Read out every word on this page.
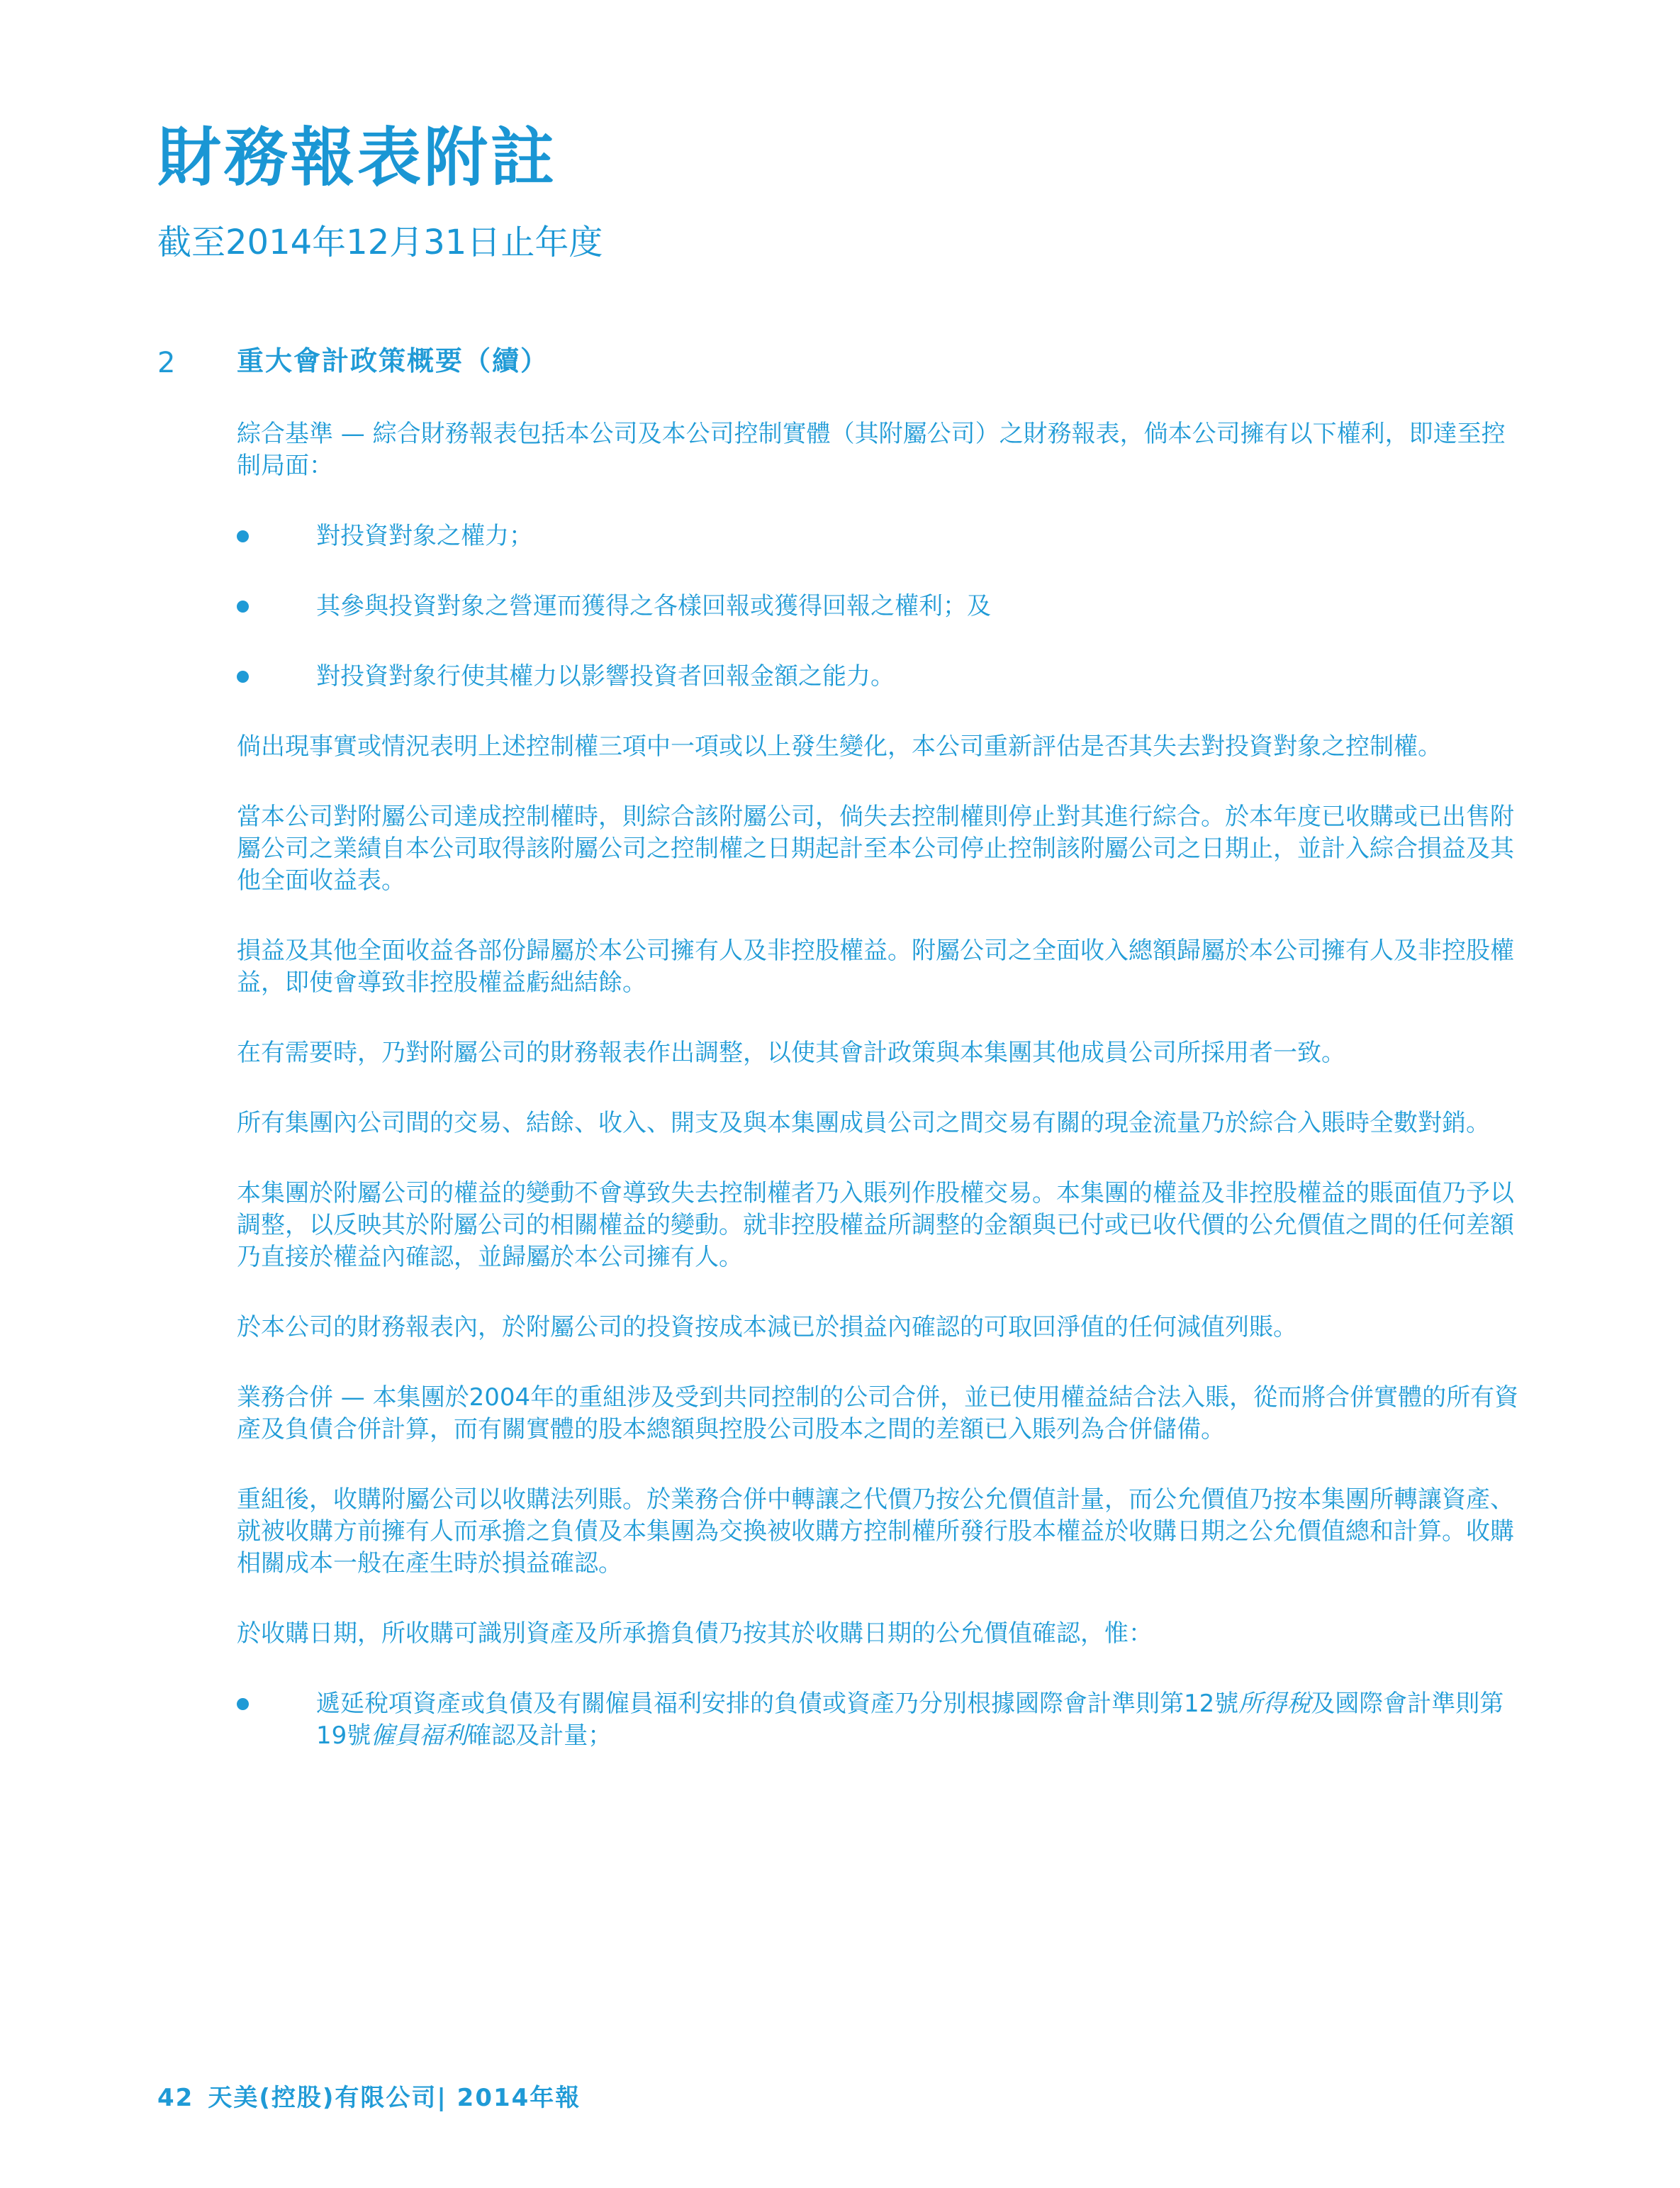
財務報表附註
截至2014年12月31日止年度
2 重大會計政策概要（續）

綜合基準 — 綜合財務報表包括本公司及本公司控制實體（其附屬公司）之財務報表，倘本公司擁有以下權利，即達至控制局面：

對投資對象之權力；
其參與投資對象之營運而獲得之各樣回報或獲得回報之權利；及
對投資對象行使其權力以影響投資者回報金額之能力。

倘出現事實或情況表明上述控制權三項中一項或以上發生變化，本公司重新評估是否其失去對投資對象之控制權。

當本公司對附屬公司達成控制權時，則綜合該附屬公司，倘失去控制權則停止對其進行綜合。於本年度已收購或已出售附屬公司之業績自本公司取得該附屬公司之控制權之日期起計至本公司停止控制該附屬公司之日期止，並計入綜合損益及其他全面收益表。

損益及其他全面收益各部份歸屬於本公司擁有人及非控股權益。附屬公司之全面收入總額歸屬於本公司擁有人及非控股權益，即使會導致非控股權益虧絀結餘。

在有需要時，乃對附屬公司的財務報表作出調整，以使其會計政策與本集團其他成員公司所採用者一致。

所有集團內公司間的交易、結餘、收入、開支及與本集團成員公司之間交易有關的現金流量乃於綜合入賬時全數對銷。

本集團於附屬公司的權益的變動不會導致失去控制權者乃入賬列作股權交易。本集團的權益及非控股權益的賬面值乃予以調整，以反映其於附屬公司的相關權益的變動。就非控股權益所調整的金額與已付或已收代價的公允價值之間的任何差額乃直接於權益內確認，並歸屬於本公司擁有人。

於本公司的財務報表內，於附屬公司的投資按成本減已於損益內確認的可取回淨值的任何減值列賬。

業務合併 — 本集團於2004年的重組涉及受到共同控制的公司合併，並已使用權益結合法入賬，從而將合併實體的所有資產及負債合併計算，而有關實體的股本總額與控股公司股本之間的差額已入賬列為合併儲備。

重組後，收購附屬公司以收購法列賬。於業務合併中轉讓之代價乃按公允價值計量，而公允價值乃按本集團所轉讓資產、就被收購方前擁有人而承擔之負債及本集團為交換被收購方控制權所發行股本權益於收購日期之公允價值總和計算。收購相關成本一般在產生時於損益確認。

於收購日期，所收購可識別資產及所承擔負債乃按其於收購日期的公允價值確認，惟：

遞延稅項資產或負債及有關僱員福利安排的負債或資產乃分別根據國際會計準則第12號所得稅及國際會計準則第19號僱員福利確認及計量；
42 天美(控股)有限公司| 2014年報
